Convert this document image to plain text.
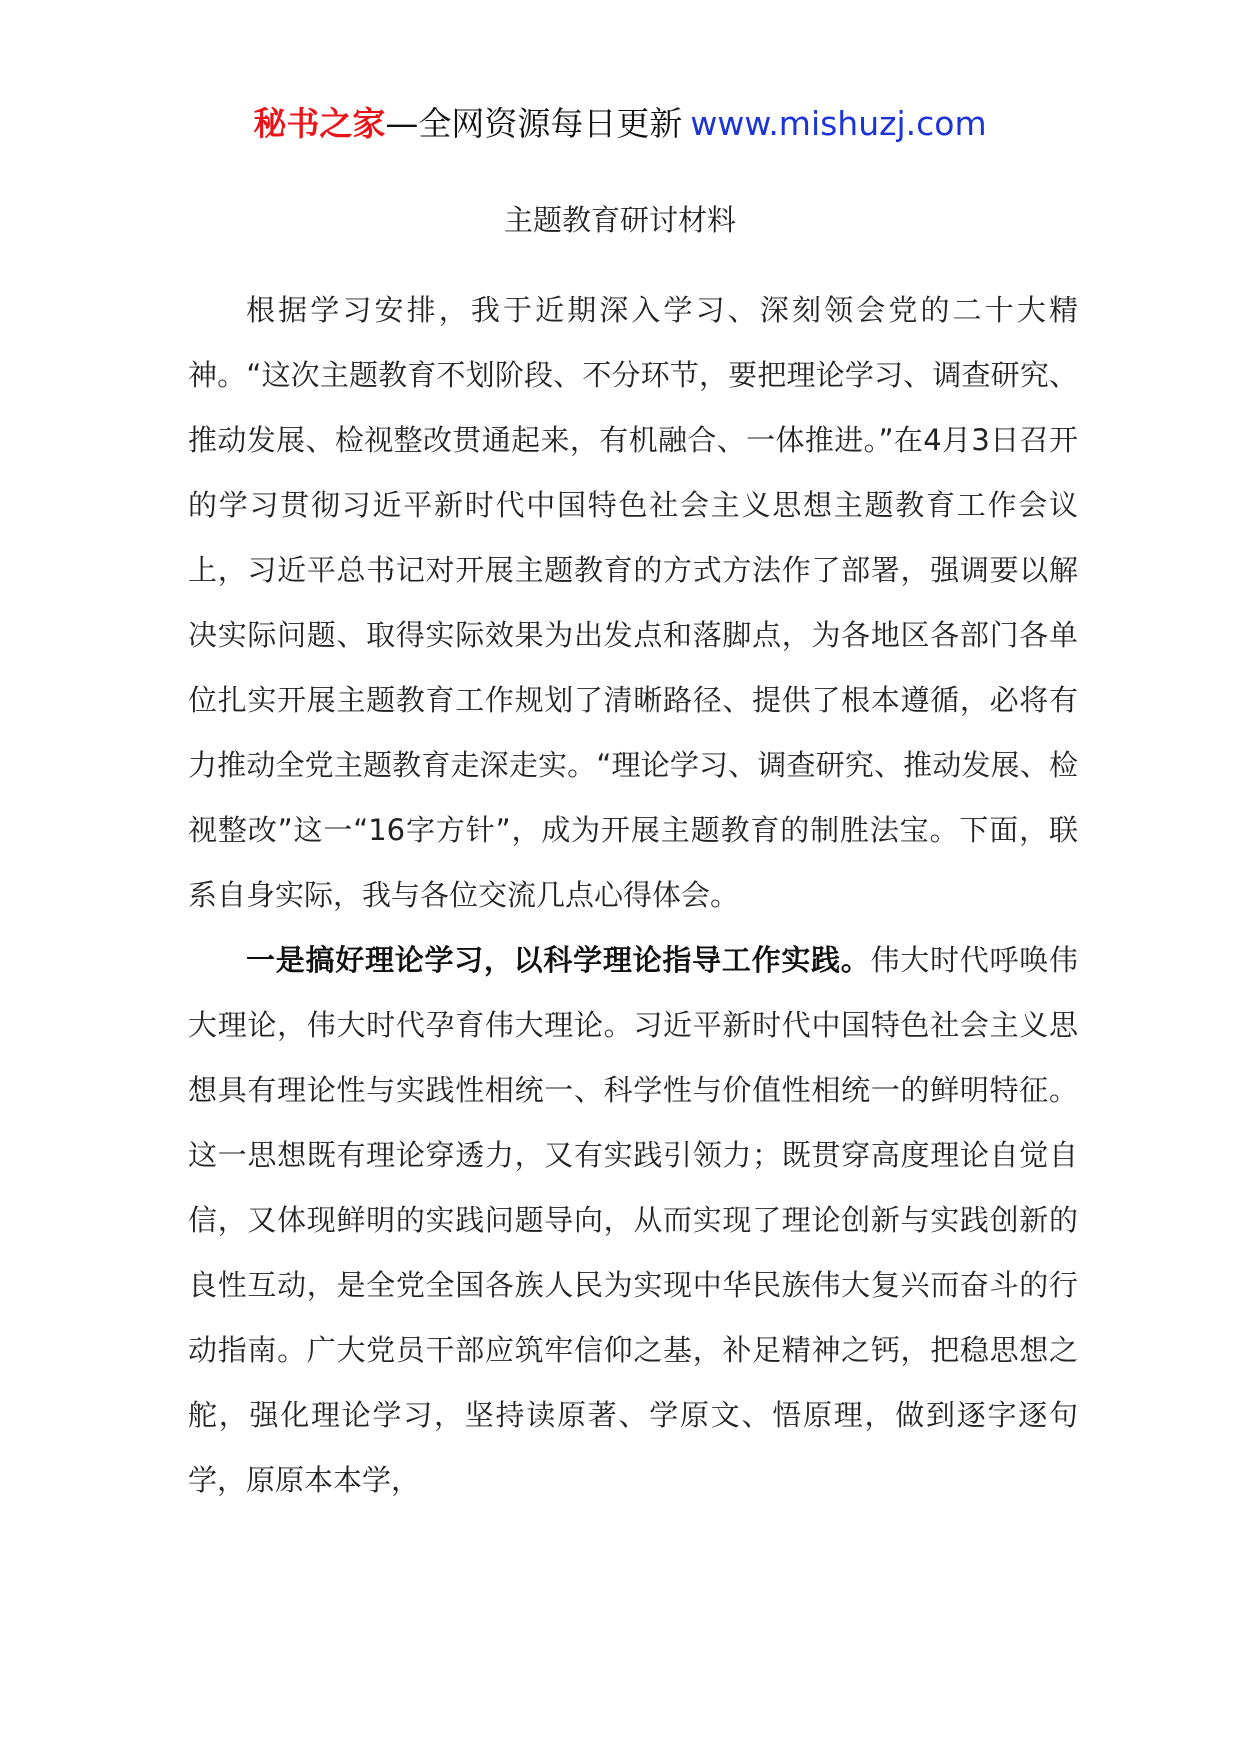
秘书之家—全网资源每日更新 www.mishuzj.com
主题教育研讨材料

根据学习安排，我于近期深入学习、深刻领会党的二十大精神。“这次主题教育不划阶段、不分环节，要把理论学习、调查研究、推动发展、检视整改贯通起来，有机融合、一体推进。”在4月3日召开的学习贯彻习近平新时代中国特色社会主义思想主题教育工作会议上，习近平总书记对开展主题教育的方式方法作了部署，强调要以解决实际问题、取得实际效果为出发点和落脚点，为各地区各部门各单位扎实开展主题教育工作规划了清晰路径、提供了根本遵循，必将有力推动全党主题教育走深走实。“理论学习、调查研究、推动发展、检视整改”这一“16字方针”，成为开展主题教育的制胜法宝。下面，联系自身实际，我与各位交流几点心得体会。

一是搞好理论学习，以科学理论指导工作实践。伟大时代呼唤伟大理论，伟大时代孕育伟大理论。习近平新时代中国特色社会主义思想具有理论性与实践性相统一、科学性与价值性相统一的鲜明特征。这一思想既有理论穿透力，又有实践引领力；既贯穿高度理论自觉自信，又体现鲜明的实践问题导向，从而实现了理论创新与实践创新的良性互动，是全党全国各族人民为实现中华民族伟大复兴而奋斗的行动指南。广大党员干部应筑牢信仰之基，补足精神之钙，把稳思想之舵，强化理论学习，坚持读原著、学原文、悟原理，做到逐字逐句学，原原本本学，
